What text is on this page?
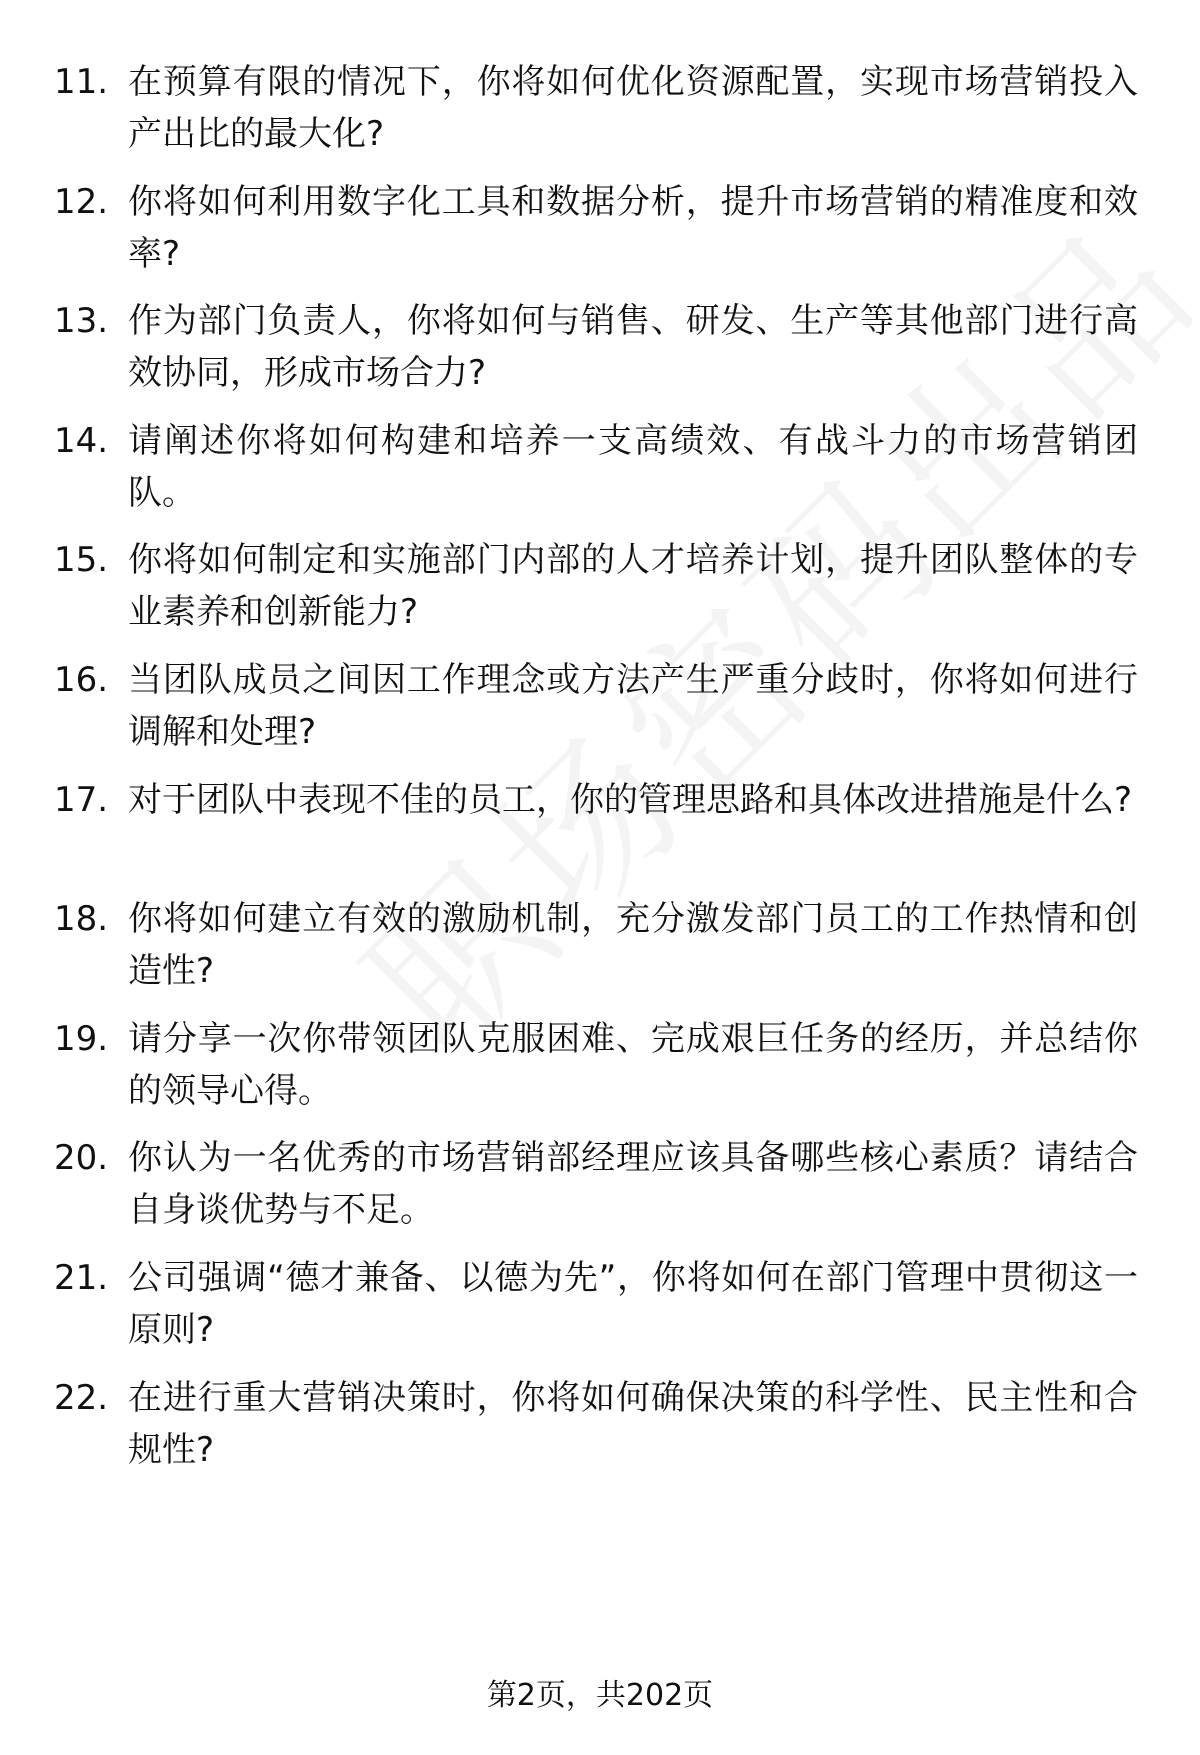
11. 在预算有限的情况下，你将如何优化资源配置，实现市场营销投入产出比的最大化?

12. 你将如何利用数字化工具和数据分析，提升市场营销的精准度和效率?

13. 作为部门负责人，你将如何与销售、研发、生产等其他部门进行高效协同，形成市场合力?

14. 请阐述你将如何构建和培养一支高绩效、有战斗力的市场营销团队。

15. 你将如何制定和实施部门内部的人才培养计划，提升团队整体的专业素养和创新能力?

16. 当团队成员之间因工作理念或方法产生严重分歧时，你将如何进行调解和处理?

17. 对于团队中表现不佳的员工，你的管理思路和具体改进措施是什么?

18. 你将如何建立有效的激励机制，充分激发部门员工的工作热情和创造性?

19. 请分享一次你带领团队克服困难、完成艰巨任务的经历，并总结你的领导心得。

20. 你认为一名优秀的市场营销部经理应该具备哪些核心素质？请结合自身谈优势与不足。

21. 公司强调“德才兼备、以德为先”，你将如何在部门管理中贯彻这一原则?

22. 在进行重大营销决策时，你将如何确保决策的科学性、民主性和合规性?

第2页，共202页
